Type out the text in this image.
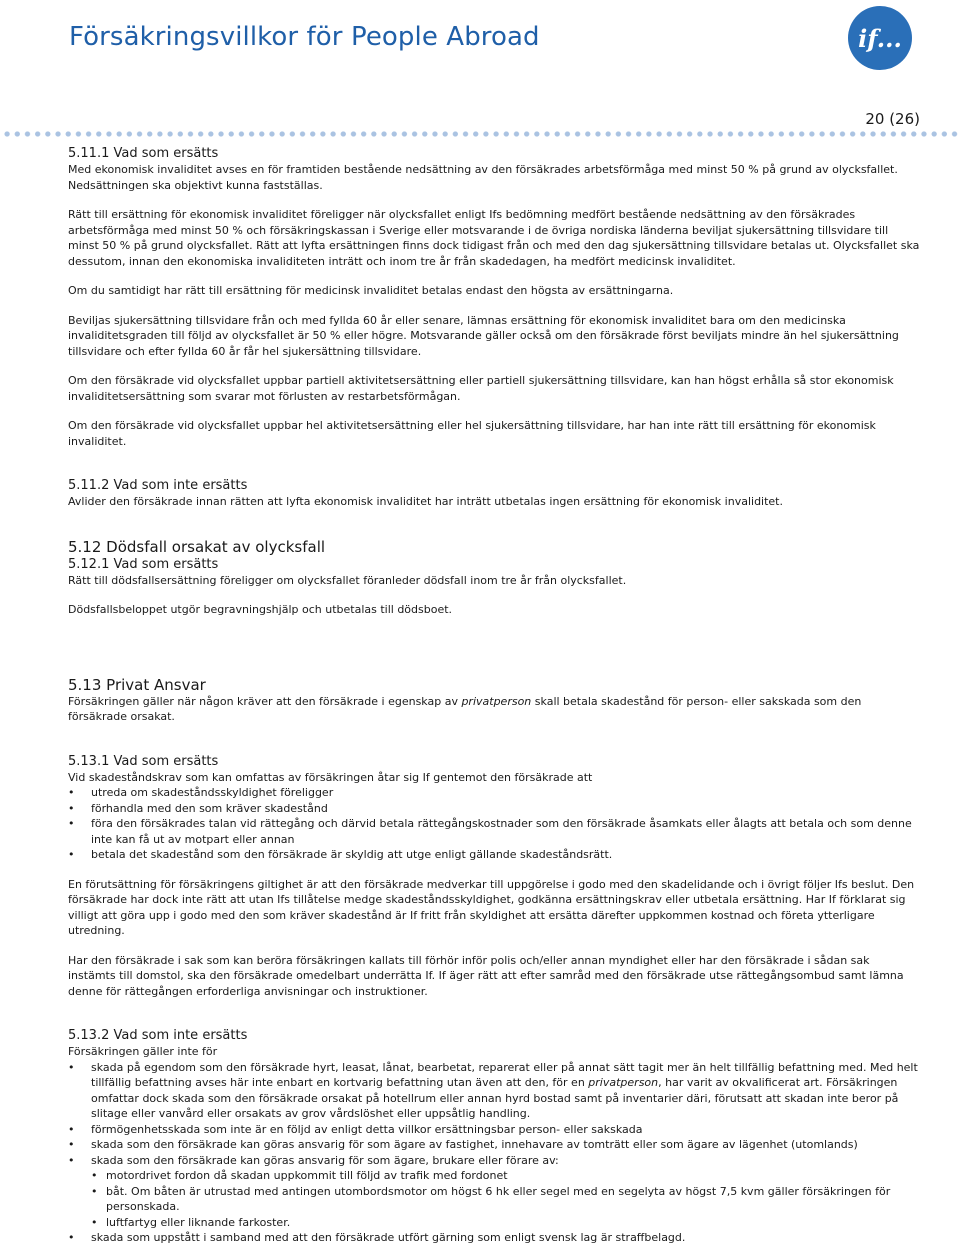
Försäkringsvillkor för People Abroad	if...
20 (26)

5.11.1 Vad som ersätts

Med ekonomisk invaliditet avses en för framtiden bestående nedsättning av den försäkrades arbetsförmåga med minst 50 % på grund av olycksfallet. Nedsättningen ska objektivt kunna fastställas.

Rätt till ersättning för ekonomisk invaliditet föreligger när olycksfallet enligt Ifs bedömning medfört bestående nedsättning av den försäkrades arbetsförmåga med minst 50 % och försäkringskassan i Sverige eller motsvarande i de övriga nordiska länderna beviljat sjukersättning tillsvidare till minst 50 % på grund olycksfallet. Rätt att lyfta ersättningen finns dock tidigast från och med den dag sjukersättning tillsvidare betalas ut. Olycksfallet ska dessutom, innan den ekonomiska invaliditeten inträtt och inom tre år från skadedagen, ha medfört medicinsk invaliditet.

Om du samtidigt har rätt till ersättning för medicinsk invaliditet betalas endast den högsta av ersättningarna.

Beviljas sjukersättning tillsvidare från och med fyllda 60 år eller senare, lämnas ersättning för ekonomisk invaliditet bara om den medicinska invaliditetsgraden till följd av olycksfallet är 50 % eller högre. Motsvarande gäller också om den försäkrade först beviljats mindre än hel sjukersättning tillsvidare och efter fyllda 60 år får hel sjukersättning tillsvidare.

Om den försäkrade vid olycksfallet uppbar partiell aktivitetsersättning eller partiell sjukersättning tillsvidare, kan han högst erhålla så stor ekonomisk invaliditetsersättning som svarar mot förlusten av restarbetsförmågan.

Om den försäkrade vid olycksfallet uppbar hel aktivitetsersättning eller hel sjukersättning tillsvidare, har han inte rätt till ersättning för ekonomisk invaliditet.

5.11.2 Vad som inte ersätts

Avlider den försäkrade innan rätten att lyfta ekonomisk invaliditet har inträtt utbetalas ingen ersättning för ekonomisk invaliditet.

5.12 Dödsfall orsakat av olycksfall

5.12.1 Vad som ersätts

Rätt till dödsfallsersättning föreligger om olycksfallet föranleder dödsfall inom tre år från olycksfallet.

Dödsfallsbeloppet utgör begravningshjälp och utbetalas till dödsboet.

5.13 Privat Ansvar

Försäkringen gäller när någon kräver att den försäkrade i egenskap av privatperson skall betala skadestånd för person- eller sakskada som den försäkrade orsakat.

5.13.1 Vad som ersätts

Vid skadeståndskrav som kan omfattas av försäkringen åtar sig If gentemot den försäkrade att

• utreda om skadeståndsskyldighet föreligger
• förhandla med den som kräver skadestånd
• föra den försäkrades talan vid rättegång och därvid betala rättegångskostnader som den försäkrade åsamkats eller ålagts att betala och som denne inte kan få ut av motpart eller annan
• betala det skadestånd som den försäkrade är skyldig att utge enligt gällande skadeståndsrätt.

En förutsättning för försäkringens giltighet är att den försäkrade medverkar till uppgörelse i godo med den skadelidande och i övrigt följer Ifs beslut. Den försäkrade har dock inte rätt att utan Ifs tillåtelse medge skadeståndsskyldighet, godkänna ersättningskrav eller utbetala ersättning. Har If förklarat sig villigt att göra upp i godo med den som kräver skadestånd är If fritt från skyldighet att ersätta därefter uppkommen kostnad och företa ytterligare utredning.

Har den försäkrade i sak som kan beröra försäkringen kallats till förhör inför polis och/eller annan myndighet eller har den försäkrade i sådan sak instämts till domstol, ska den försäkrade omedelbart underrätta If. If äger rätt att efter samråd med den försäkrade utse rättegångsombud samt lämna denne för rättegången erforderliga anvisningar och instruktioner.

5.13.2 Vad som inte ersätts

Försäkringen gäller inte för

• skada på egendom som den försäkrade hyrt, leasat, lånat, bearbetat, reparerat eller på annat sätt tagit mer än helt tillfällig befattning med. Med helt tillfällig befattning avses här inte enbart en kortvarig befattning utan även att den, för en privatperson, har varit av okvalificerat art. Försäkringen omfattar dock skada som den försäkrade orsakat på hotellrum eller annan hyrd bostad samt på inventarier däri, förutsatt att skadan inte beror på slitage eller vanvård eller orsakats av grov vårdslöshet eller uppsåtlig handling.
• förmögenhetsskada som inte är en följd av enligt detta villkor ersättningsbar person- eller sakskada
• skada som den försäkrade kan göras ansvarig för som ägare av fastighet, innehavare av tomträtt eller som ägare av lägenhet (utomlands)
• skada som den försäkrade kan göras ansvarig för som ägare, brukare eller förare av:
• motordrivet fordon då skadan uppkommit till följd av trafik med fordonet
• båt. Om båten är utrustad med antingen utombordsmotor om högst 6 hk eller segel med en segelyta av högst 7,5 kvm gäller försäkringen för personskada.
• luftfartyg eller liknande farkoster.
• skada som uppstått i samband med att den försäkrade utfört gärning som enligt svensk lag är straffbelagd.
